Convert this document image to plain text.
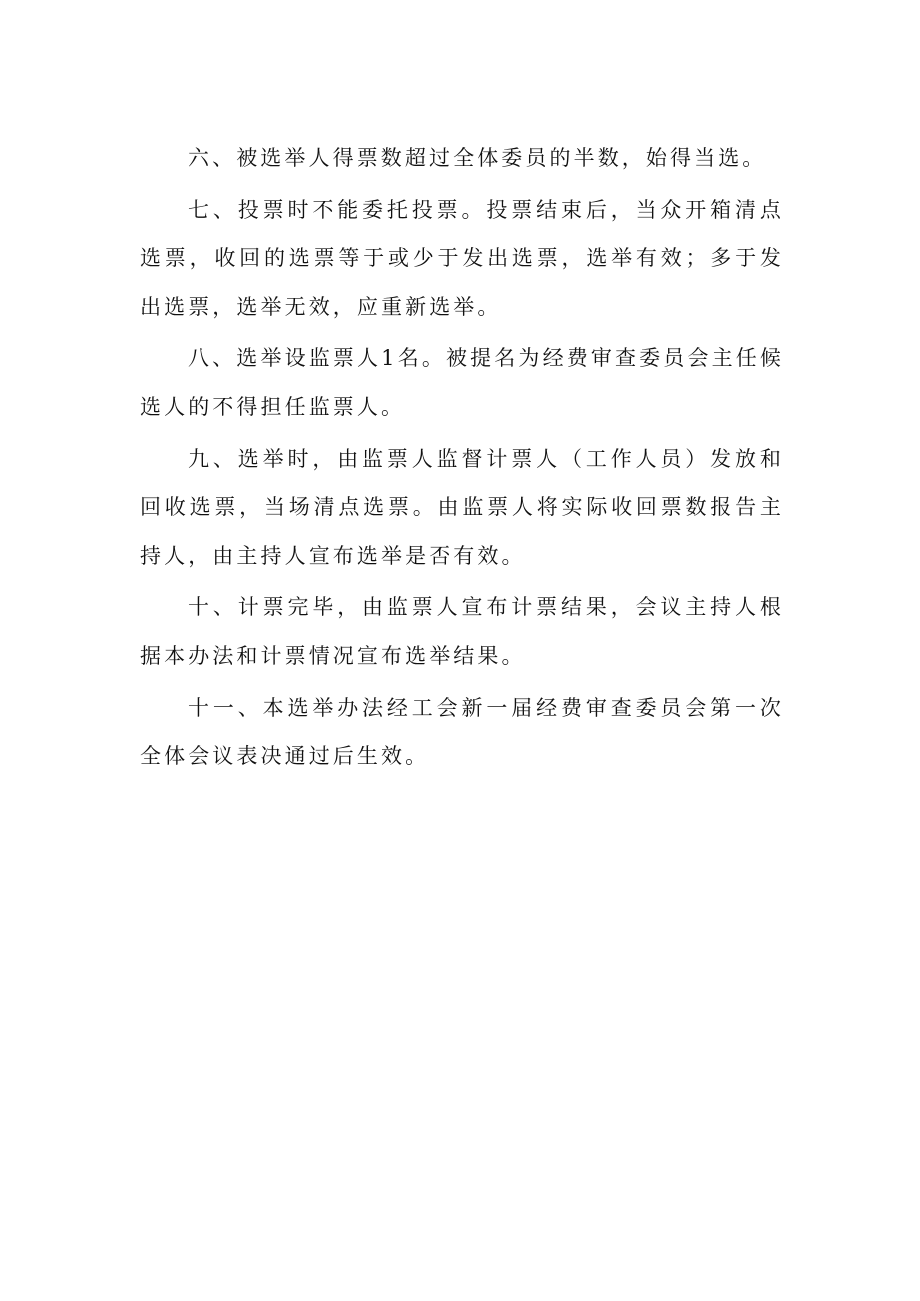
六、被选举人得票数超过全体委员的半数，始得当选。

七、投票时不能委托投票。投票结束后，当众开箱清点选票，收回的选票等于或少于发出选票，选举有效；多于发出选票，选举无效，应重新选举。

八、选举设监票人1名。被提名为经费审查委员会主任候选人的不得担任监票人。

九、选举时，由监票人监督计票人（工作人员）发放和回收选票，当场清点选票。由监票人将实际收回票数报告主持人，由主持人宣布选举是否有效。

十、计票完毕，由监票人宣布计票结果，会议主持人根据本办法和计票情况宣布选举结果。

十一、本选举办法经工会新一届经费审查委员会第一次全体会议表决通过后生效。
